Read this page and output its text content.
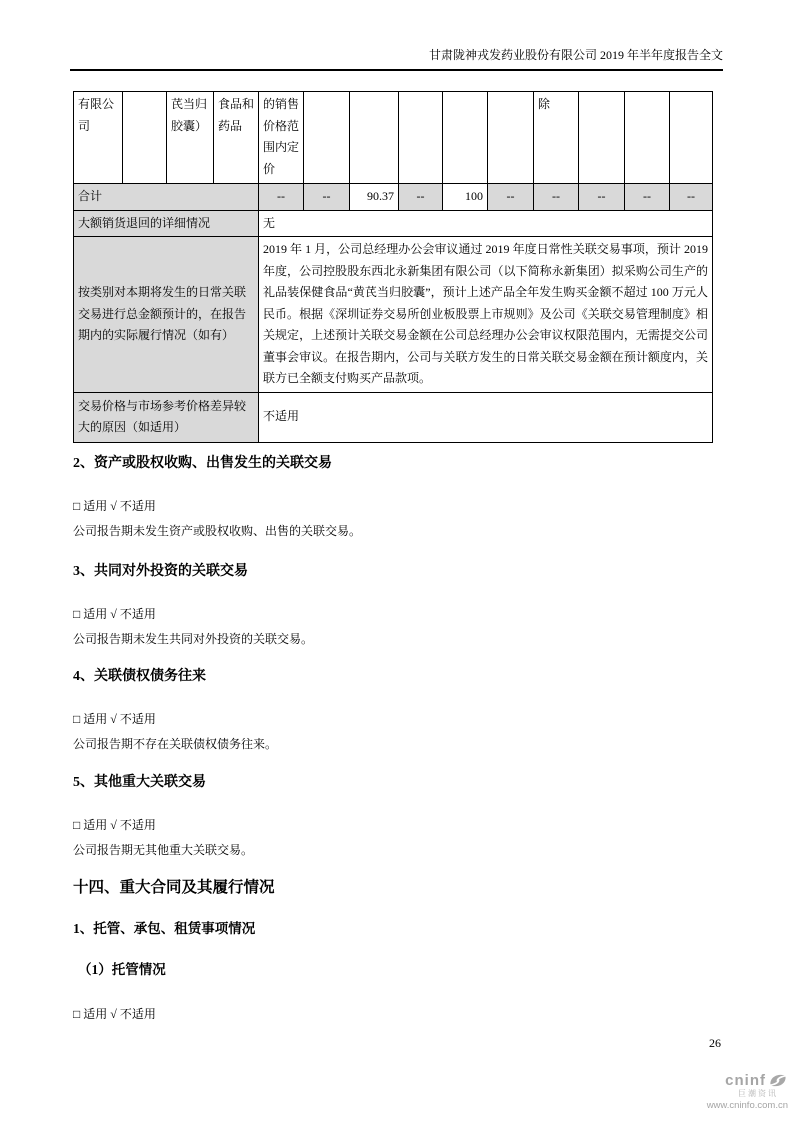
甘肃陇神戎发药业股份有限公司 2019 年半年度报告全文
有限公司		芪当归胶囊）	食品和药品	的销售价格范围内定价						除			
合计				--	--	90.37	--	100	--	--	--	--	--
大额销货退回的详细情况				无									
按类别对本期将发生的日常关联交易进行总金额预计的，在报告期内的实际履行情况（如有）				2019 年 1 月，公司总经理办公会审议通过 2019 年度日常性关联交易事项，预计 2019 年度，公司控股股东西北永新集团有限公司（以下简称永新集团）拟采购公司生产的礼品装保健食品“黄芪当归胶囊”，预计上述产品全年发生购买金额不超过 100 万元人民币。根据《深圳证券交易所创业板股票上市规则》及公司《关联交易管理制度》相关规定，上述预计关联交易金额在公司总经理办公会审议权限范围内，无需提交公司董事会审议。在报告期内，公司与关联方发生的日常关联交易金额在预计额度内，关联方已全额支付购买产品款项。									
交易价格与市场参考价格差异较大的原因（如适用）				不适用									
2、资产或股权收购、出售发生的关联交易
□ 适用 √ 不适用
公司报告期未发生资产或股权收购、出售的关联交易。
3、共同对外投资的关联交易
□ 适用 √ 不适用
公司报告期未发生共同对外投资的关联交易。
4、关联债权债务往来
□ 适用 √ 不适用
公司报告期不存在关联债权债务往来。
5、其他重大关联交易
□ 适用 √ 不适用
公司报告期无其他重大关联交易。
十四、重大合同及其履行情况
1、托管、承包、租赁事项情况
（1）托管情况
□ 适用 √ 不适用
26
cninf
巨潮资讯
www.cninfo.com.cn
